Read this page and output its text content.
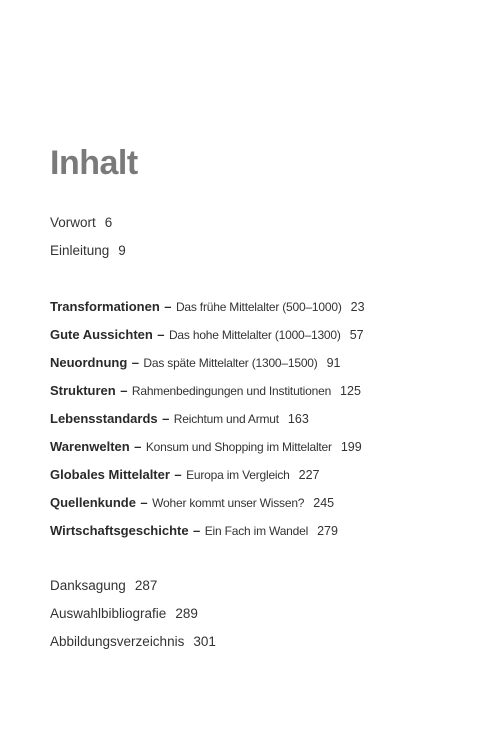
Inhalt
Vorwort 6
Einleitung 9
Transformationen – Das frühe Mittelalter (500–1000) 23
Gute Aussichten – Das hohe Mittelalter (1000–1300) 57
Neuordnung – Das späte Mittelalter (1300–1500) 91
Strukturen – Rahmenbedingungen und Institutionen 125
Lebensstandards – Reichtum und Armut 163
Warenwelten – Konsum und Shopping im Mittelalter 199
Globales Mittelalter – Europa im Vergleich 227
Quellenkunde – Woher kommt unser Wissen? 245
Wirtschaftsgeschichte – Ein Fach im Wandel 279
Danksagung 287
Auswahlbibliografie 289
Abbildungsverzeichnis 301
